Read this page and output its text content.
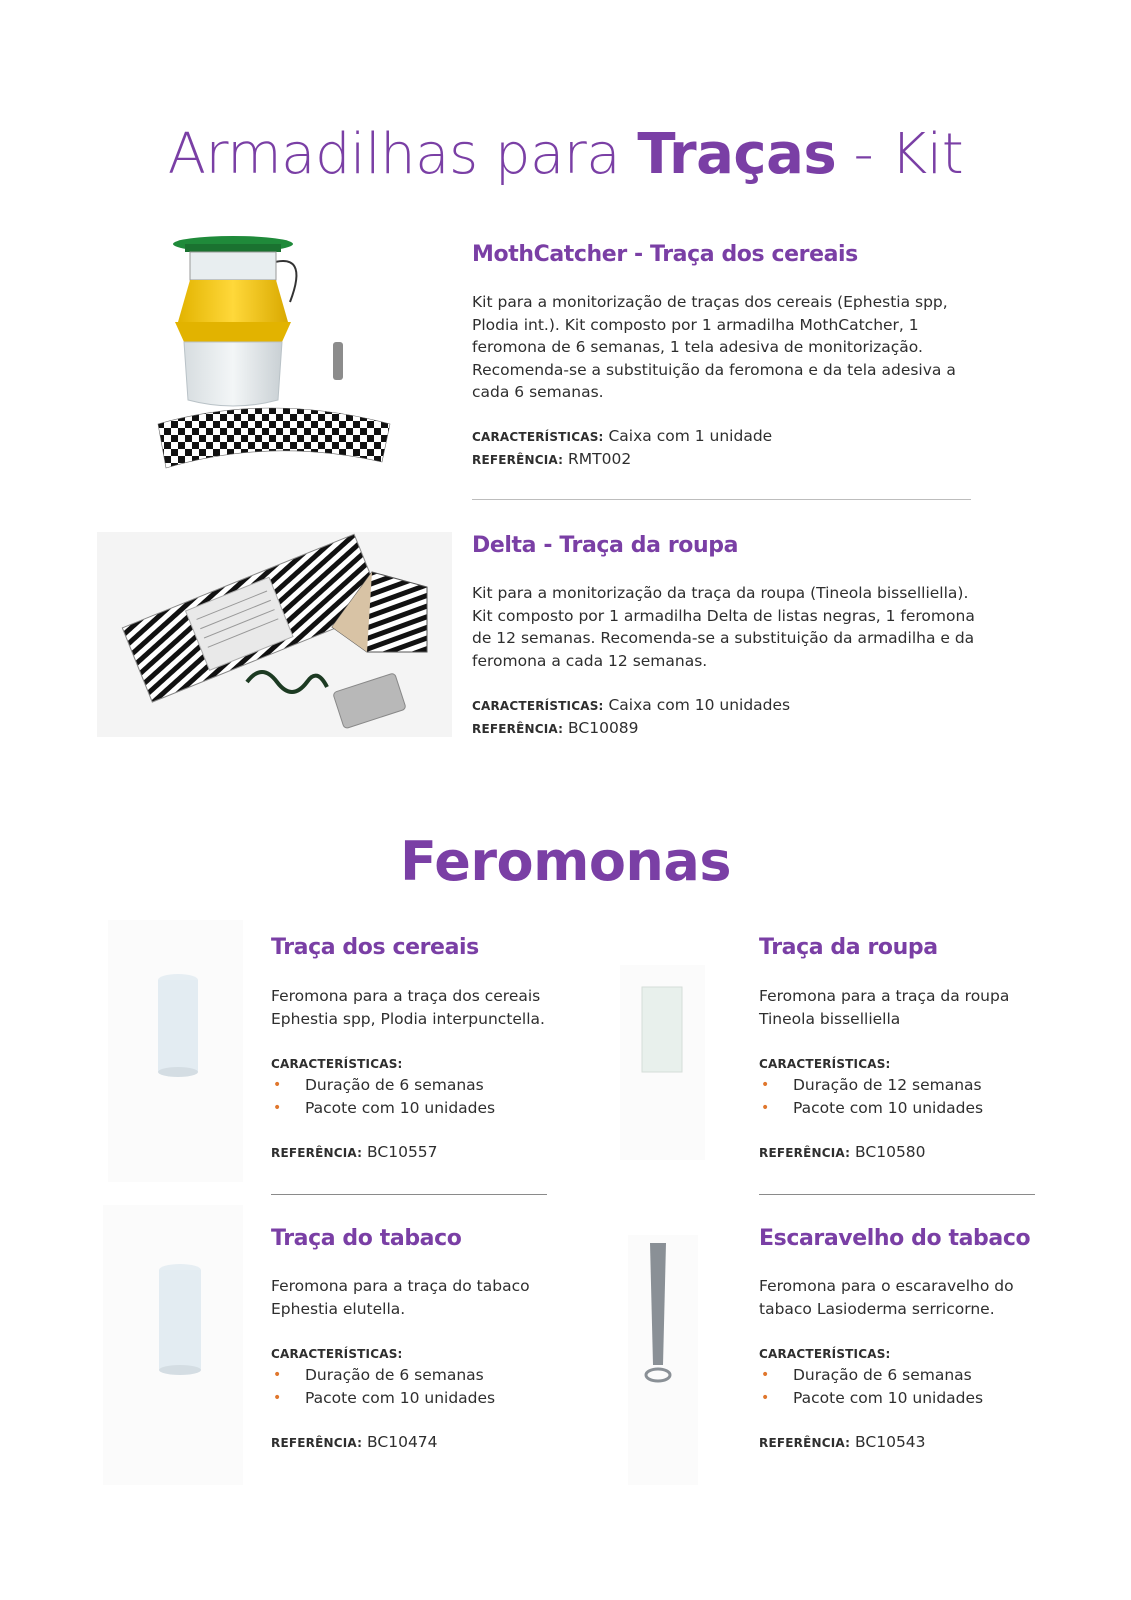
Armadilhas para Traças - Kit
MothCatcher - Traça dos cereais
Kit para a monitorização de traças dos cereais (Ephestia spp, Plodia int.). Kit composto por 1 armadilha MothCatcher, 1 feromona de 6 semanas, 1 tela adesiva de monitorização. Recomenda-se a substituição da feromona e da tela adesiva a cada 6 semanas.
CARACTERÍSTICAS: Caixa com 1 unidade
REFERÊNCIA: RMT002
Delta - Traça da roupa
Kit para a monitorização da traça da roupa (Tineola bisselliella). Kit composto por 1 armadilha Delta de listas negras, 1 feromona de 12 semanas. Recomenda-se a substituição da armadilha e da feromona a cada 12 semanas.
CARACTERÍSTICAS: Caixa com 10 unidades
REFERÊNCIA: BC10089
Feromonas
Traça dos cereais
Feromona para a traça dos cereais Ephestia spp, Plodia interpunctella.
CARACTERÍSTICAS:
• Duração de 6 semanas
• Pacote com 10 unidades
REFERÊNCIA: BC10557
Traça da roupa
Feromona para a traça da roupa Tineola bisselliella
CARACTERÍSTICAS:
• Duração de 12 semanas
• Pacote com 10 unidades
REFERÊNCIA: BC10580
Traça do tabaco
Feromona para a traça do tabaco Ephestia elutella.
CARACTERÍSTICAS:
• Duração de 6 semanas
• Pacote com 10 unidades
REFERÊNCIA: BC10474
Escaravelho do tabaco
Feromona para o escaravelho do tabaco Lasioderma serricorne.
CARACTERÍSTICAS:
• Duração de 6 semanas
• Pacote com 10 unidades
REFERÊNCIA: BC10543
